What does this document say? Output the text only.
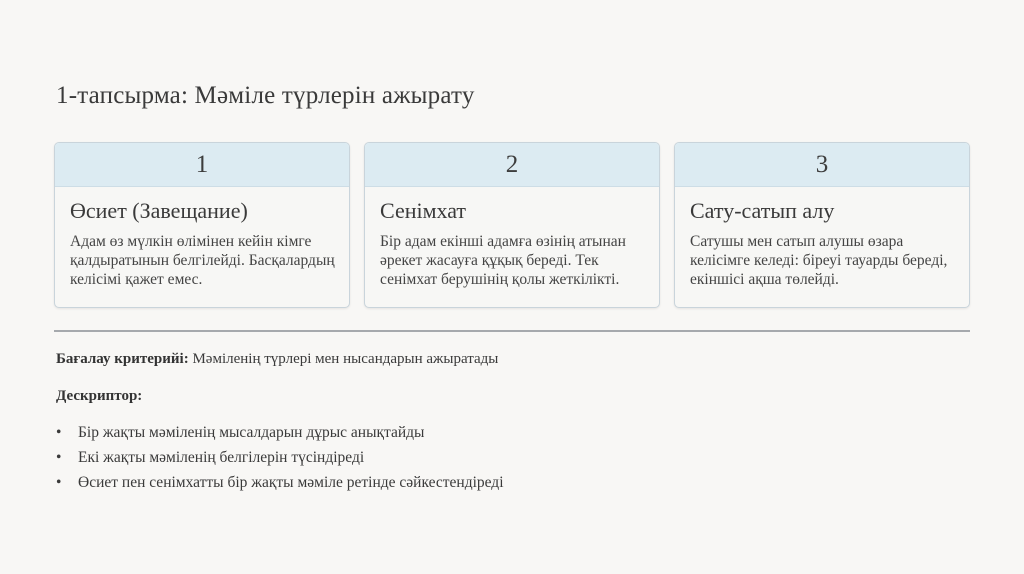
1-тапсырма: Мәміле түрлерін ажырату
1
Өсиет (Завещание)
Адам өз мүлкін өлімінен кейін кімге қалдыратынын белгілейді. Басқалардың келісімі қажет емес.
2
Сенімхат
Бір адам екінші адамға өзінің атынан әрекет жасауға құқық береді. Тек сенімхат берушінің қолы жеткілікті.
3
Сату-сатып алу
Сатушы мен сатып алушы өзара келісімге келеді: біреуі тауарды береді, екіншісі ақша төлейді.
Бағалау критерийі: Мәміленің түрлері мен нысандарын ажыратады
Дескриптор:
•	Бір жақты мәміленің мысалдарын дұрыс анықтайды
•	Екі жақты мәміленің белгілерін түсіндіреді
•	Өсиет пен сенімхатты бір жақты мәміле ретінде сәйкестендіреді
